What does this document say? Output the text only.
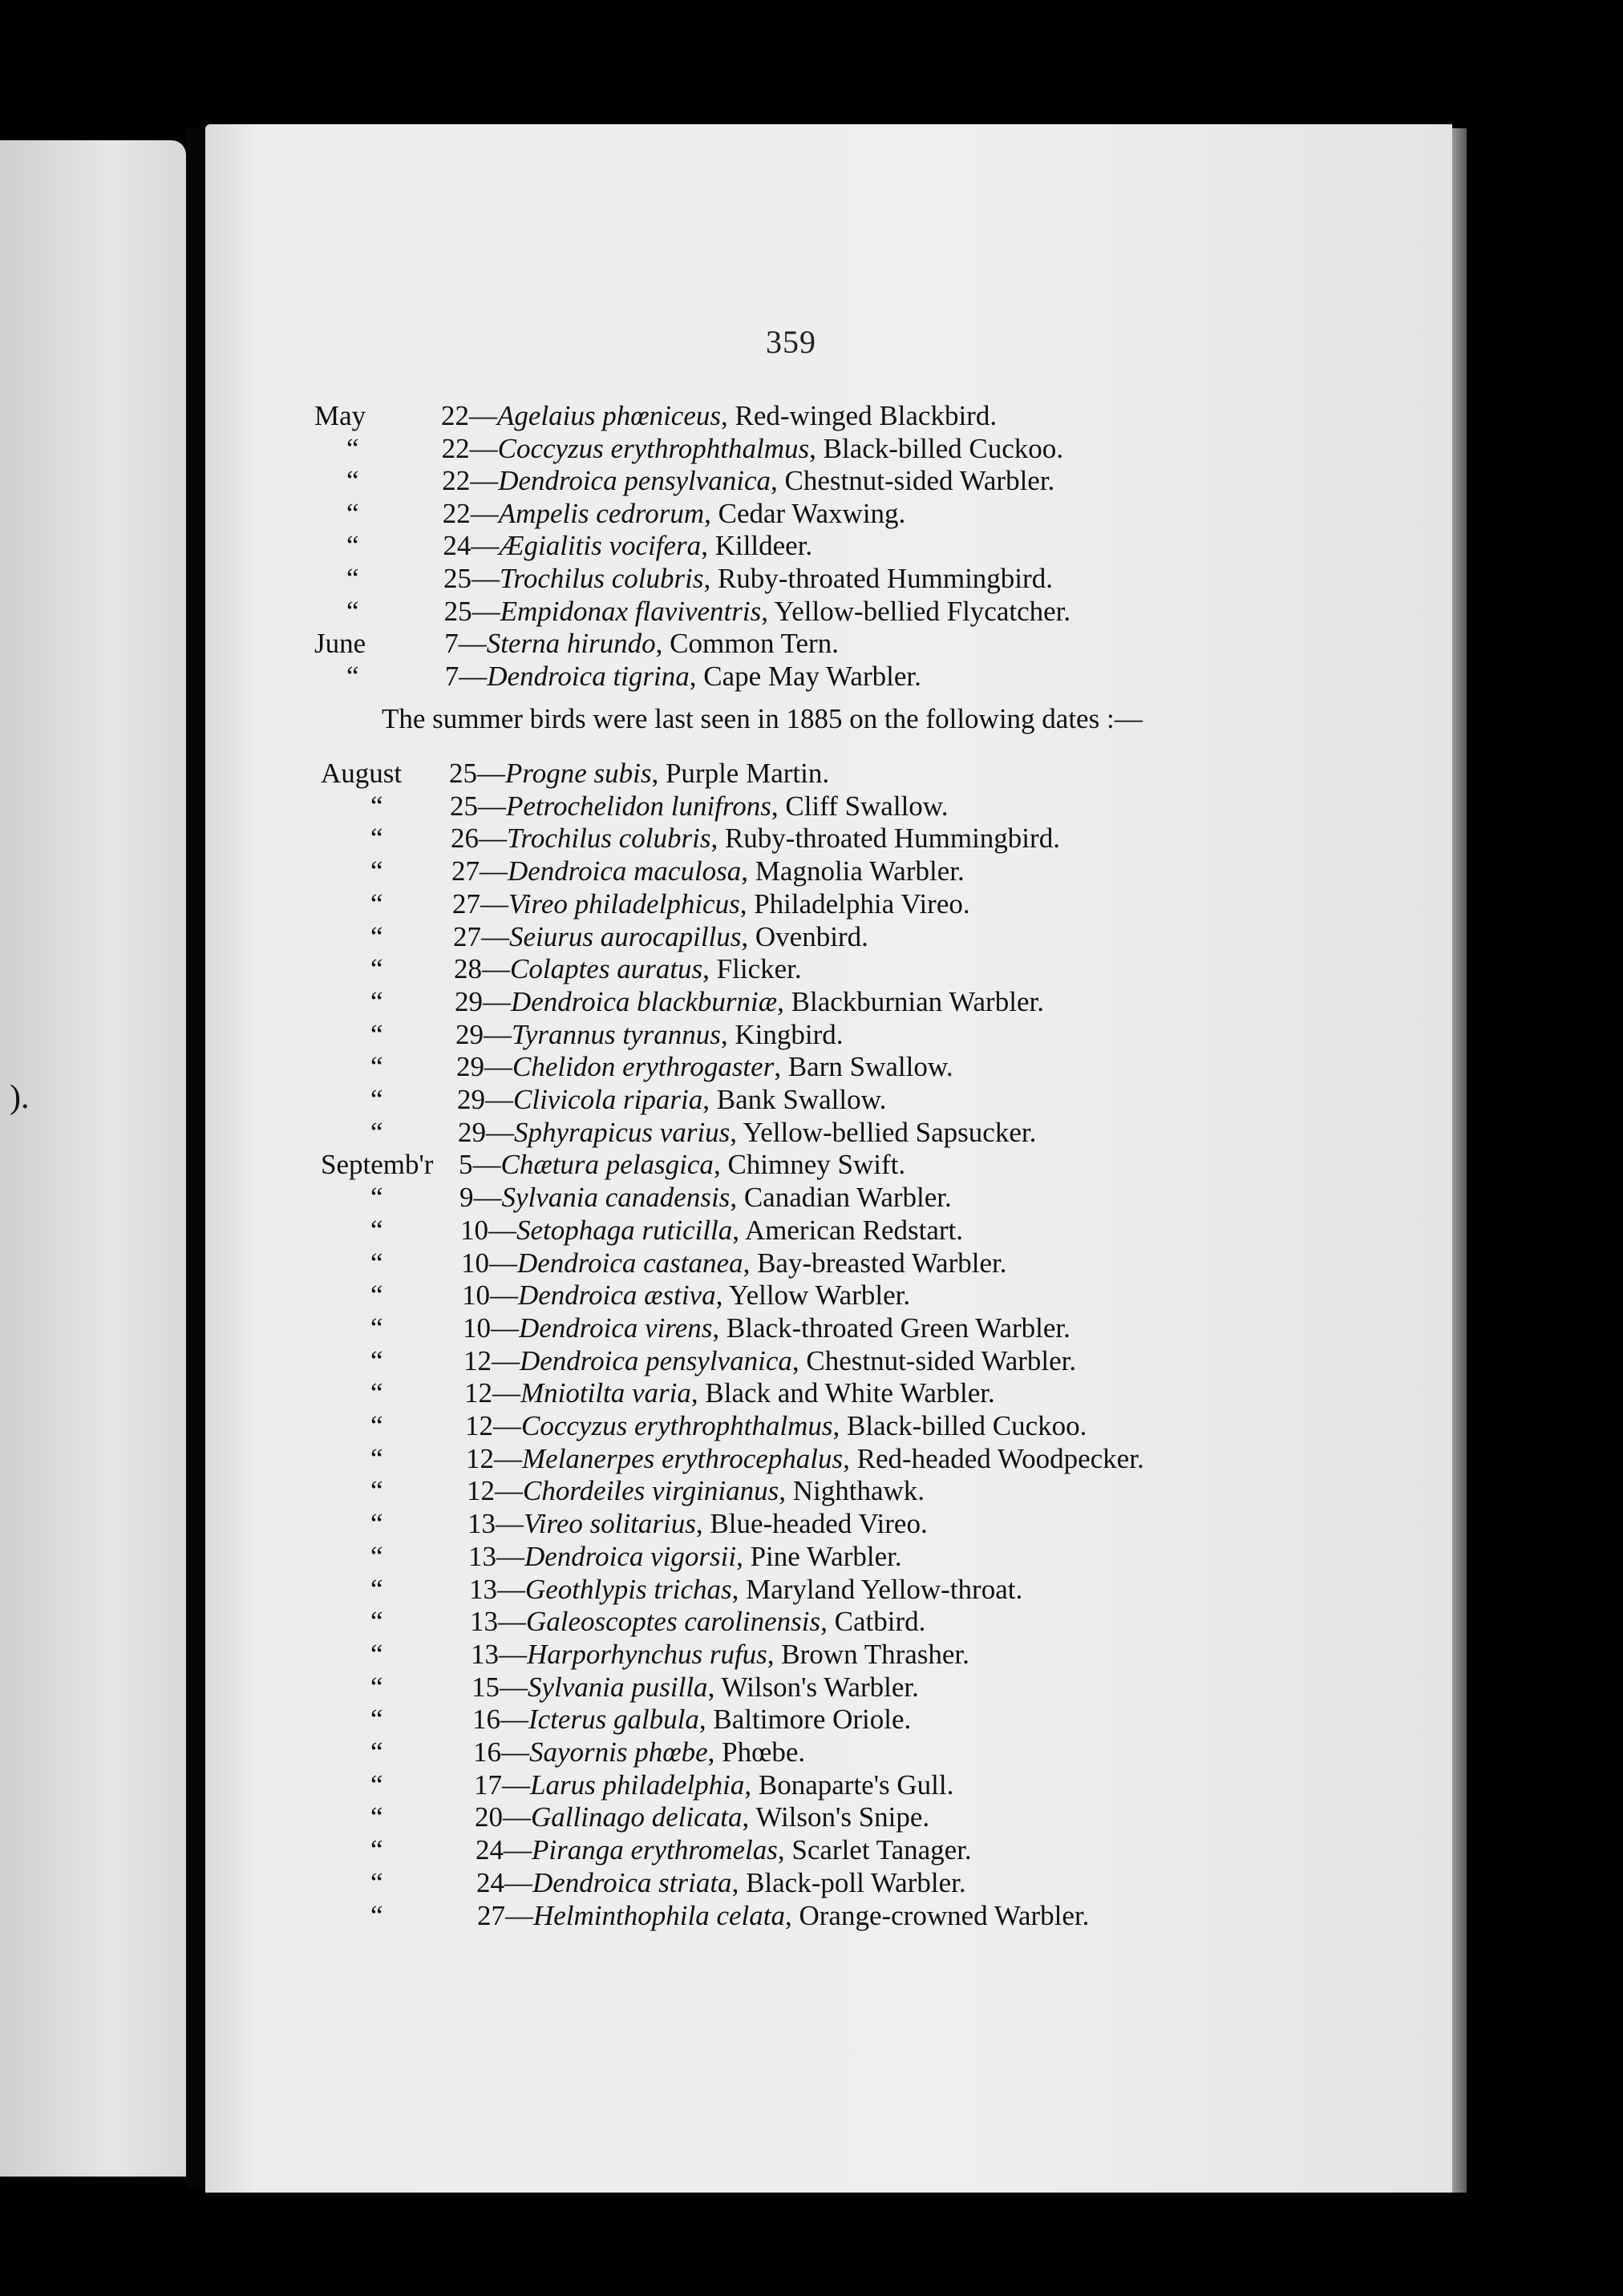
).
359
May	22—Agelaius phœniceus, Red-winged Blackbird.
“	22—Coccyzus erythrophthalmus, Black-billed Cuckoo.
“	22—Dendroica pensylvanica, Chestnut-sided Warbler.
“	22—Ampelis cedrorum, Cedar Waxwing.
“	24—Ægialitis vocifera, Killdeer.
“	25—Trochilus colubris, Ruby-throated Hummingbird.
“	25—Empidonax flaviventris, Yellow-bellied Flycatcher.
June	7—Sterna hirundo, Common Tern.
“	7—Dendroica tigrina, Cape May Warbler.
The summer birds were last seen in 1885 on the following dates :—
August 25—Progne subis, Purple Martin.
“ 25—Petrochelidon lunifrons, Cliff Swallow.
“ 26—Trochilus colubris, Ruby-throated Hummingbird.
“ 27—Dendroica maculosa, Magnolia Warbler.
“ 27—Vireo philadelphicus, Philadelphia Vireo.
“ 27—Seiurus aurocapillus, Ovenbird.
“	28—Colaptes auratus, Flicker.
“	29—Dendroica blackburniæ, Blackburnian Warbler.
“	29—Tyrannus tyrannus, Kingbird.
“	29—Chelidon erythrogaster, Barn Swallow.
“	29—Clivicola riparia, Bank Swallow.
“	29—Sphyrapicus varius, Yellow-bellied Sapsucker.
Septemb'r 5—Chætura pelasgica, Chimney Swift.
“	9—Sylvania canadensis, Canadian Warbler.
“	10—Setophaga ruticilla, American Redstart.
“	10—Dendroica castanea, Bay-breasted Warbler.
“	10—Dendroica æstiva, Yellow Warbler.
“	10—Dendroica virens, Black-throated Green Warbler.
“	12—Dendroica pensylvanica, Chestnut-sided Warbler.
“	12—Mniotilta varia, Black and White Warbler.
“	12—Coccyzus erythrophthalmus, Black-billed Cuckoo.
“	12—Melanerpes erythrocephalus, Red-headed Woodpecker.
“	12—Chordeiles virginianus, Nighthawk.
“	13—Vireo solitarius, Blue-headed Vireo.
“	13—Dendroica vigorsii, Pine Warbler.
“	13—Geothlypis trichas, Maryland Yellow-throat.
“	13—Galeoscoptes carolinensis, Catbird.
“	13—Harporhynchus rufus, Brown Thrasher.
“	15—Sylvania pusilla, Wilson's Warbler.
“	16—Icterus galbula, Baltimore Oriole.
“	16—Sayornis phœbe, Phœbe.
“	17—Larus philadelphia, Bonaparte's Gull.
“	20—Gallinago delicata, Wilson's Snipe.
“	24—Piranga erythromelas, Scarlet Tanager.
“	24—Dendroica striata, Black-poll Warbler.
“	27—Helminthophila celata, Orange-crowned Warbler.
